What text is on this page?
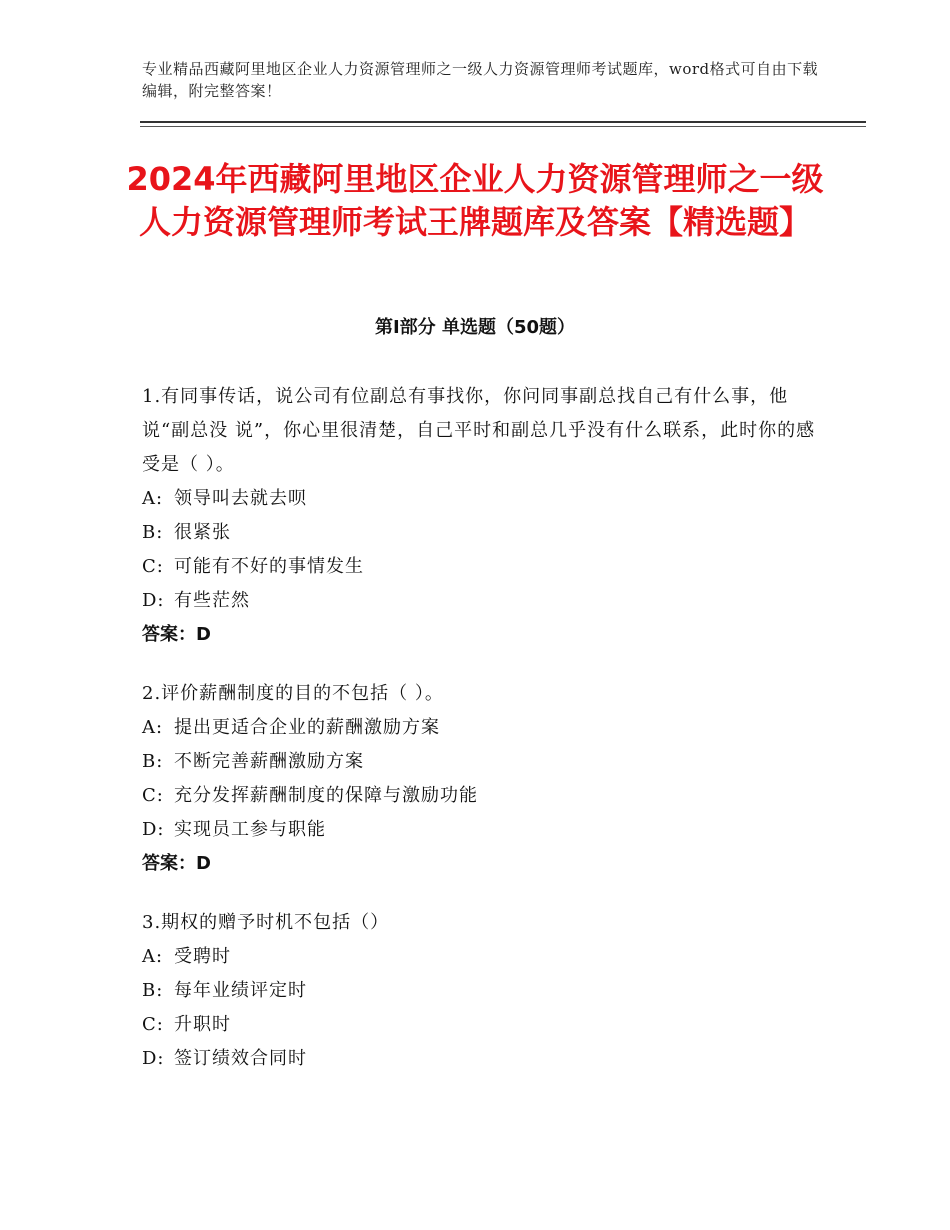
专业精品西藏阿里地区企业人力资源管理师之一级人力资源管理师考试题库，word格式可自由下载编辑，附完整答案！
2024年西藏阿里地区企业人力资源管理师之一级人力资源管理师考试王牌题库及答案【精选题】
第Ⅰ部分 单选题（50题）

1.有同事传话，说公司有位副总有事找你，你问同事副总找自己有什么事，他说“副总没 说”，你心里很清楚，自己平时和副总几乎没有什么联系，此时你的感受是（ ）。

A: 领导叫去就去呗

B: 很紧张

C: 可能有不好的事情发生

D: 有些茫然

答案：D

2.评价薪酬制度的目的不包括（ ）。

A: 提出更适合企业的薪酬激励方案

B: 不断完善薪酬激励方案

C: 充分发挥薪酬制度的保障与激励功能

D: 实现员工参与职能

答案：D

3.期权的赠予时机不包括（）

A: 受聘时

B: 每年业绩评定时

C: 升职时

D: 签订绩效合同时
